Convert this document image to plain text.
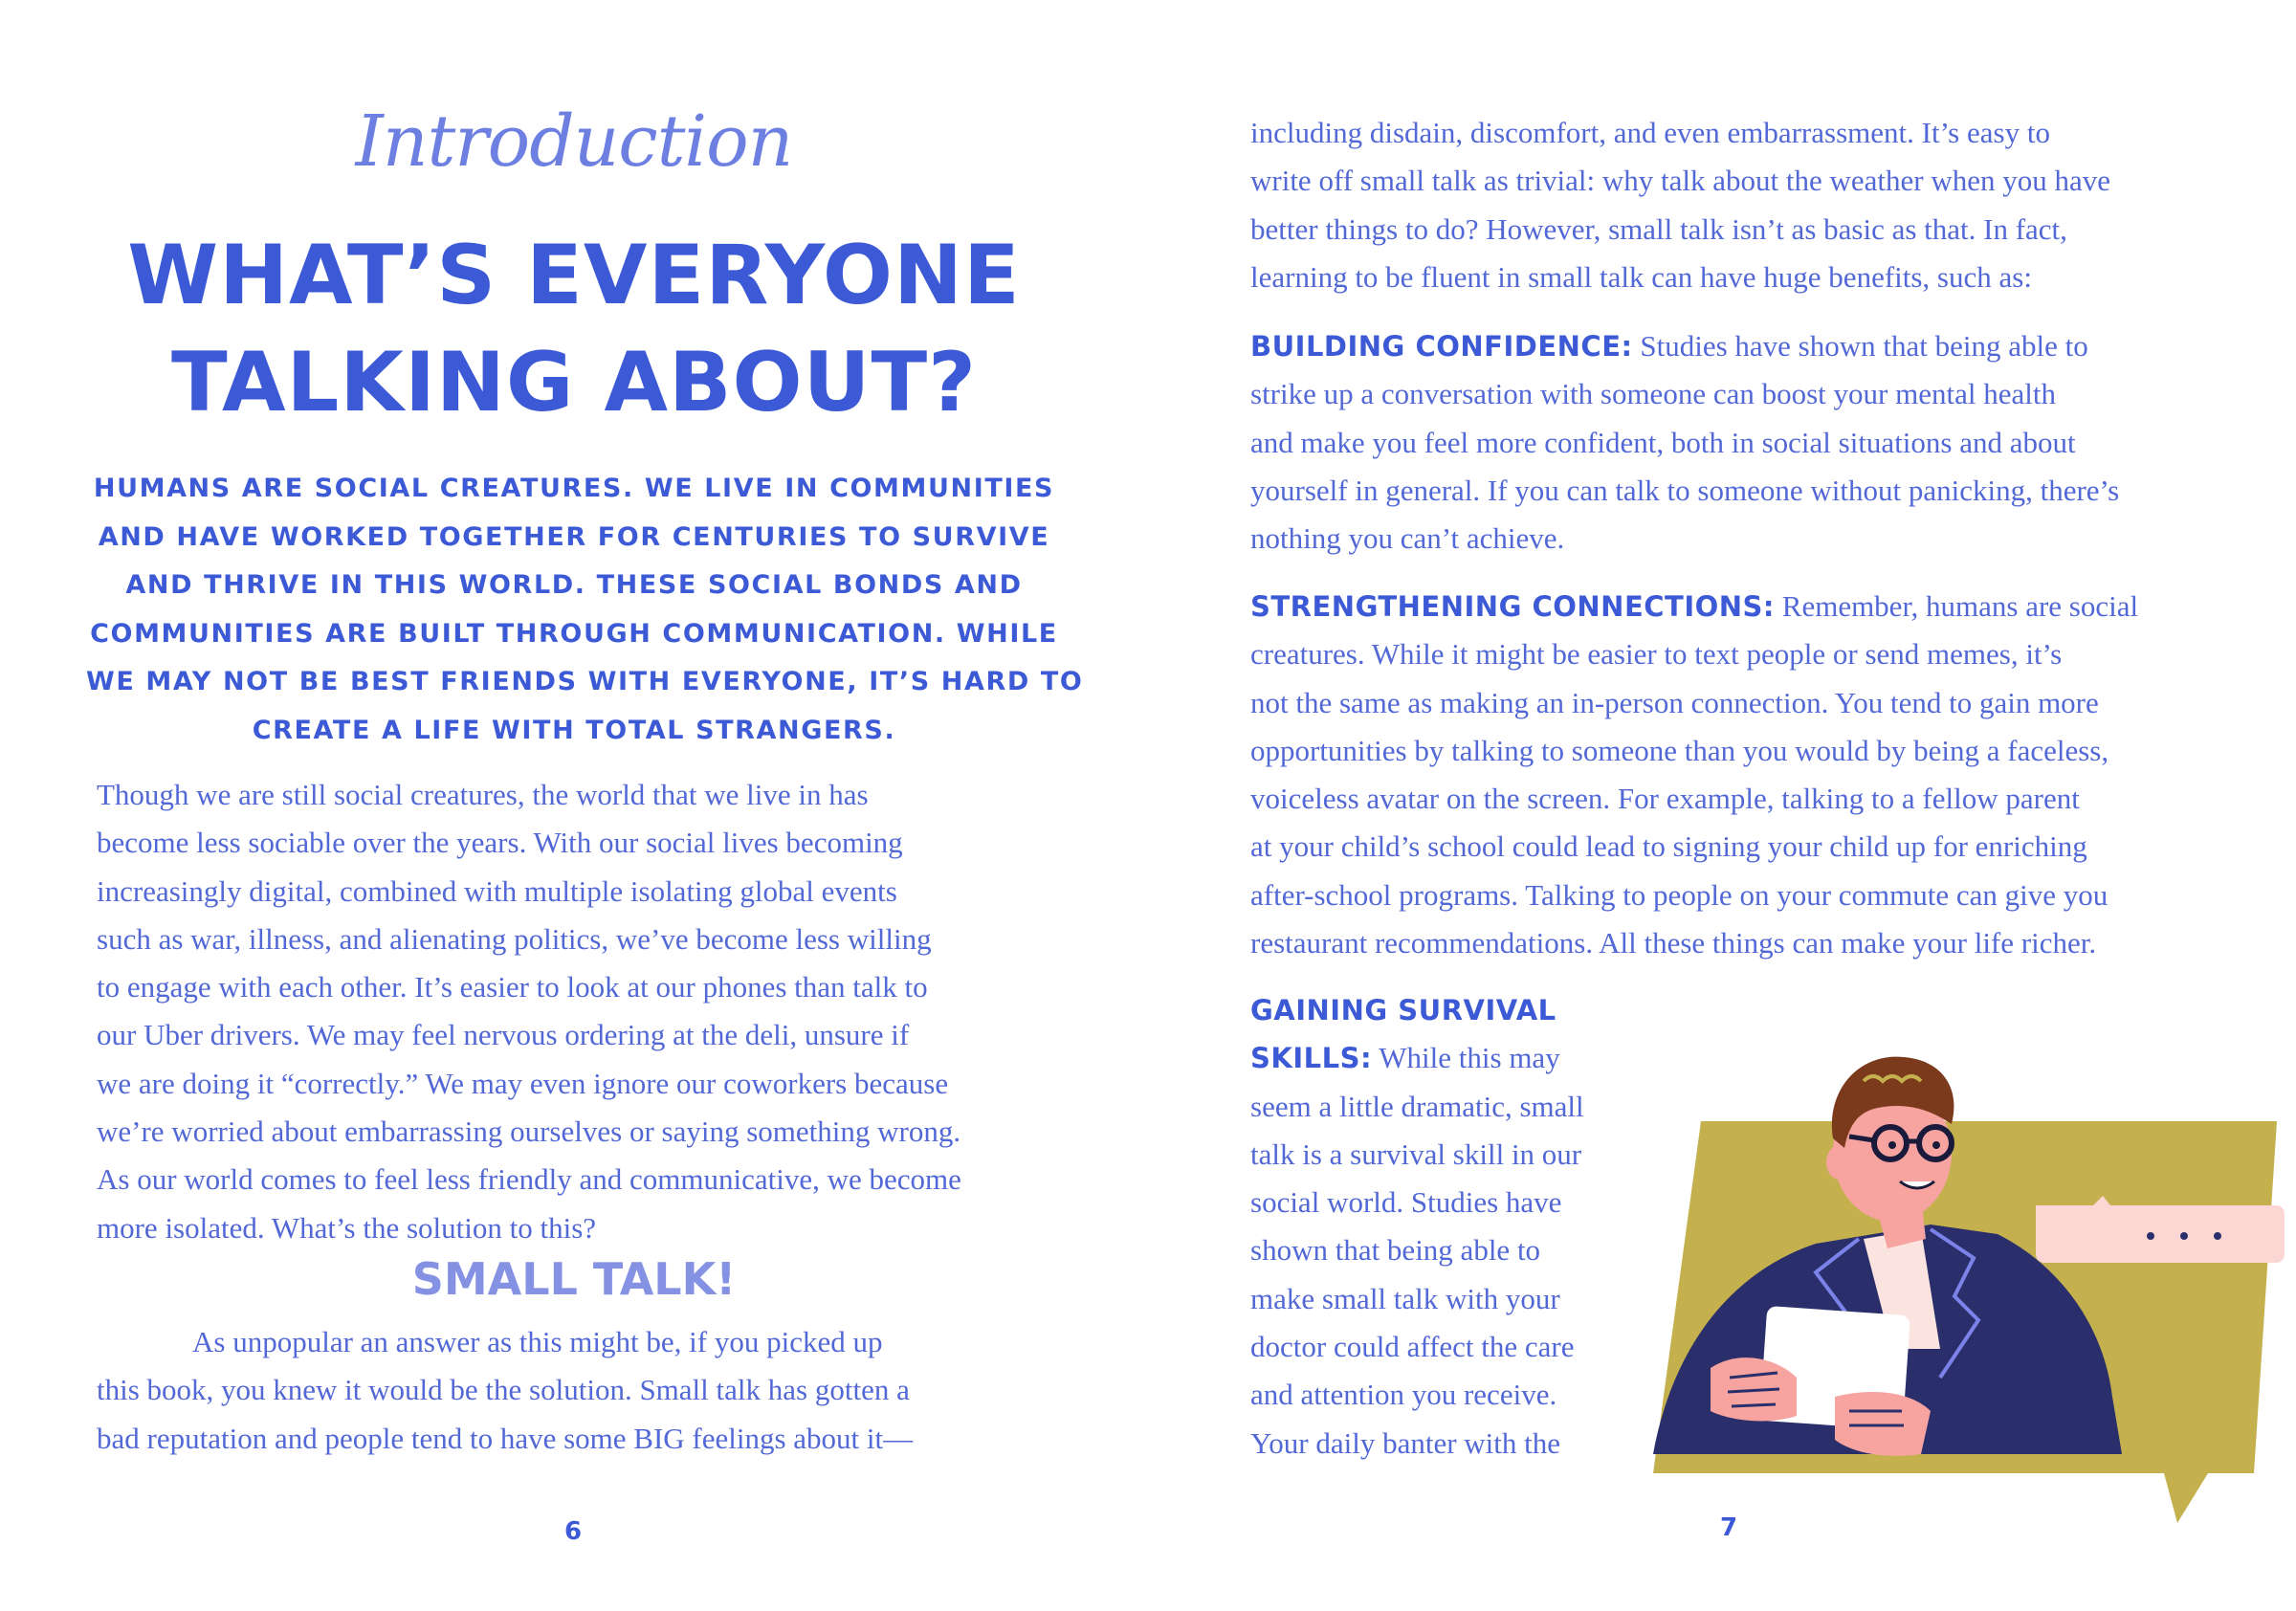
Introduction
WHAT’S EVERYONE
TALKING ABOUT?
HUMANS ARE SOCIAL CREATURES. WE LIVE IN COMMUNITIES
AND HAVE WORKED TOGETHER FOR CENTURIES TO SURVIVE
AND THRIVE IN THIS WORLD. THESE SOCIAL BONDS AND
COMMUNITIES ARE BUILT THROUGH COMMUNICATION. WHILE
WE MAY NOT BE BEST FRIENDS WITH EVERYONE, IT’S HARD TO
CREATE A LIFE WITH TOTAL STRANGERS.
Though we are still social creatures, the world that we live in has
become less sociable over the years. With our social lives becoming
increasingly digital, combined with multiple isolating global events
such as war, illness, and alienating politics, we’ve become less willing
to engage with each other. It’s easier to look at our phones than talk to
our Uber drivers. We may feel nervous ordering at the deli, unsure if
we are doing it “correctly.” We may even ignore our coworkers because
we’re worried about embarrassing ourselves or saying something wrong.
As our world comes to feel less friendly and communicative, we become
more isolated. What’s the solution to this?
SMALL TALK!
As unpopular an answer as this might be, if you picked up
this book, you knew it would be the solution. Small talk has gotten a
bad reputation and people tend to have some BIG feelings about it—
6
including disdain, discomfort, and even embarrassment. It’s easy to
write off small talk as trivial: why talk about the weather when you have
better things to do? However, small talk isn’t as basic as that. In fact,
learning to be fluent in small talk can have huge benefits, such as:
BUILDING CONFIDENCE: Studies have shown that being able to
strike up a conversation with someone can boost your mental health
and make you feel more confident, both in social situations and about
yourself in general. If you can talk to someone without panicking, there’s
nothing you can’t achieve.
STRENGTHENING CONNECTIONS: Remember, humans are social
creatures. While it might be easier to text people or send memes, it’s
not the same as making an in-person connection. You tend to gain more
opportunities by talking to someone than you would by being a faceless,
voiceless avatar on the screen. For example, talking to a fellow parent
at your child’s school could lead to signing your child up for enriching
after-school programs. Talking to people on your commute can give you
restaurant recommendations. All these things can make your life richer.
GAINING SURVIVAL
SKILLS: While this may
seem a little dramatic, small
talk is a survival skill in our
social world. Studies have
shown that being able to
make small talk with your
doctor could affect the care
and attention you receive.
Your daily banter with the
7
